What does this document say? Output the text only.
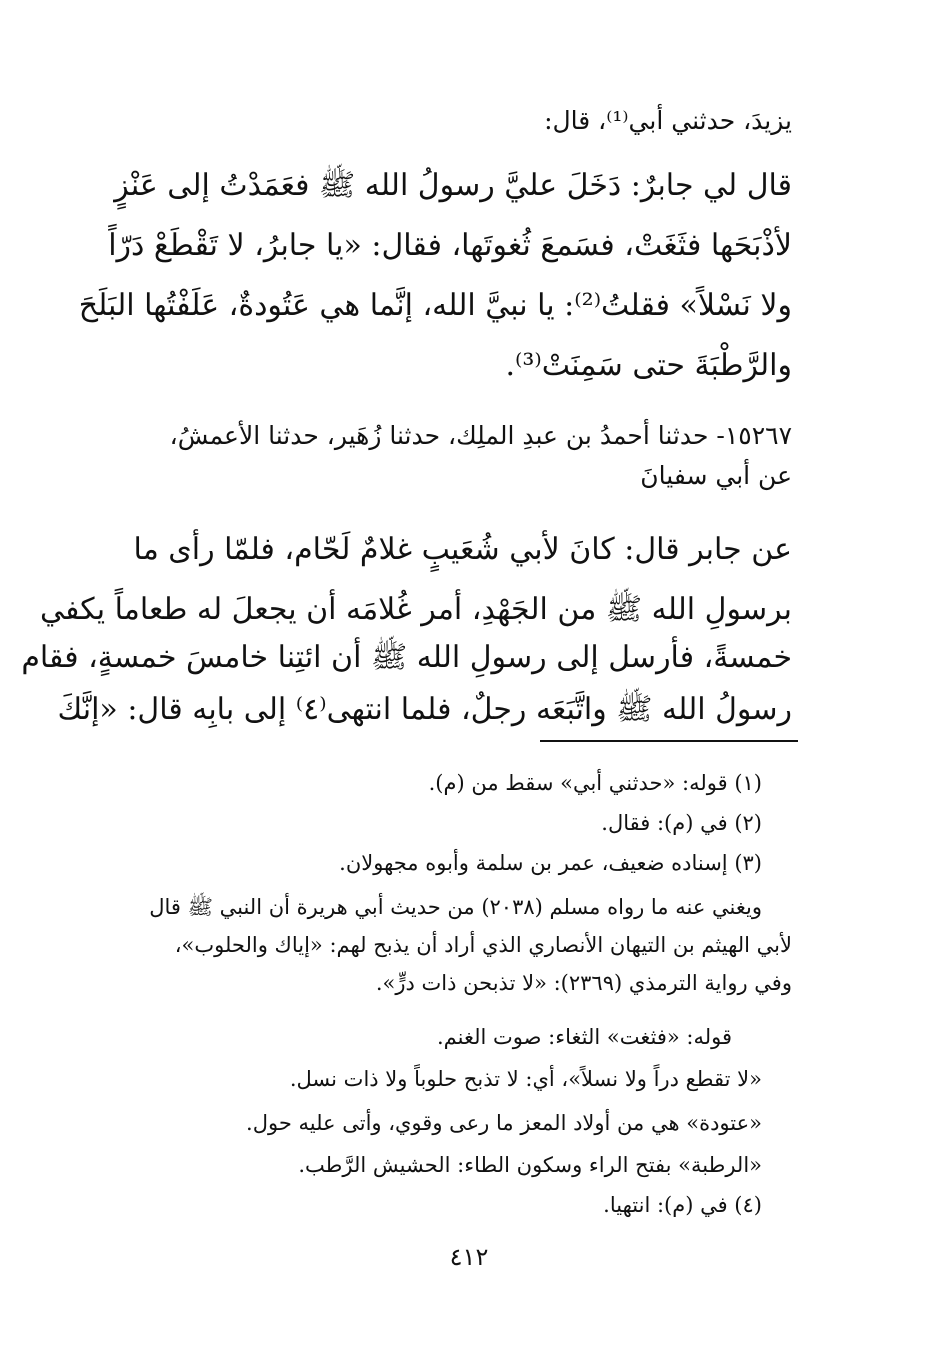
يزيدَ، حدثني أبي⁽¹⁾، قال:
قال لي جابرٌ: دَخَلَ عليَّ رسولُ الله ﷺ فعَمَدْتُ إلى عَنْزٍ
لأذْبَحَها فثَغَتْ، فسَمعَ ثُغوتَها، فقال: «يا جابرُ، لا تَقْطَعْ دَرّاً
ولا نَسْلاً» فقلتُ⁽²⁾: يا نبيَّ الله، إنَّما هي عَتُودةٌ، عَلَفْتُها البَلَحَ
والرَّطْبَةَ حتى سَمِنَتْ⁽³⁾.
١٥٢٦٧- حدثنا أحمدُ بن عبدِ الملِك، حدثنا زُهَير، حدثنا الأعمشُ،
عن أبي سفيانَ
عن جابر قال: كانَ لأبي شُعَيبٍ غلامٌ لَحّام، فلمّا رأى ما
برسولِ الله ﷺ من الجَهْدِ، أمر غُلامَه أن يجعلَ له طعاماً يكفي
خمسةً، فأرسل إلى رسولِ الله ﷺ أن ائتِنا خامسَ خمسةٍ، فقام
رسولُ الله ﷺ واتَّبَعَه رجلٌ، فلما انتهى⁽٤⁾ إلى بابِه قال: «إنَّكَ
(١) قوله: «حدثني أبي» سقط من (م).
(٢) في (م): فقال.
(٣) إسناده ضعيف، عمر بن سلمة وأبوه مجهولان.
ويغني عنه ما رواه مسلم (٢٠٣٨) من حديث أبي هريرة أن النبي ﷺ قال
لأبي الهيثم بن التيهان الأنصاري الذي أراد أن يذبح لهم: «إياك والحلوب»،
وفي رواية الترمذي (٢٣٦٩): «لا تذبحن ذات درٍّ».
قوله: «فثغت» الثغاء: صوت الغنم.
«لا تقطع دراً ولا نسلاً»، أي: لا تذبح حلوباً ولا ذات نسل.
«عتودة» هي من أولاد المعز ما رعى وقوي، وأتى عليه حول.
«الرطبة» بفتح الراء وسكون الطاء: الحشيش الرَّطب.
(٤) في (م): انتهيا.
٤١٢
